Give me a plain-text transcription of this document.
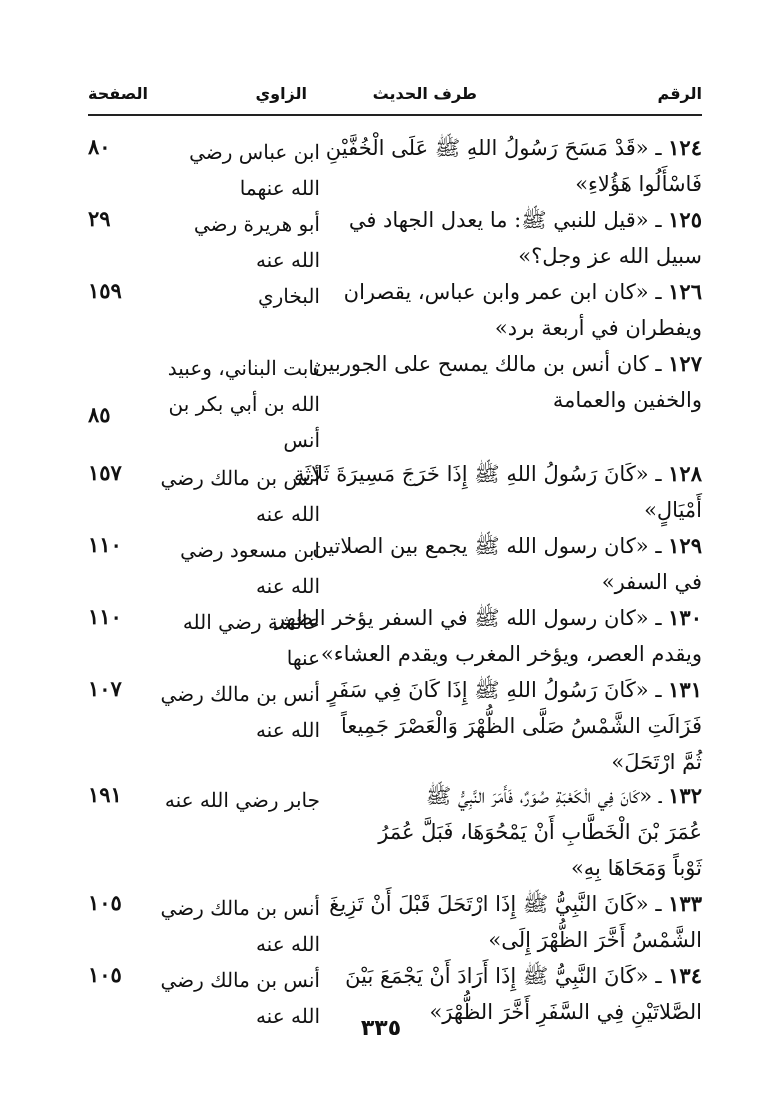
الرقم
طرف الحديث
الزاوي
الصفحة
١٢٤ ـ «قَدْ مَسَحَ رَسُولُ اللهِ ﷺ عَلَى الْخُفَّيْنِ
فَاسْأَلُوا هَؤُلاءِ»
ابن عباس رضي الله عنهما
٨٠
١٢٥ ـ «قيل للنبي ﷺ: ما يعدل الجهاد في
سبيل الله عز وجل؟»
أبو هريرة رضي الله عنه
٢٩
١٢٦ ـ «كان ابن عمر وابن عباس، يقصران
ويفطران في أربعة برد»
البخاري
١٥٩
١٢٧ ـ كان أنس بن مالك يمسح على الجوربين
والخفين والعمامة
ثابت البناني، وعبيد الله بن أبي بكر بن أنس
٨٥
١٢٨ ـ «كَانَ رَسُولُ اللهِ ﷺ إِذَا خَرَجَ مَسِيرَةَ ثَلاثَةِ
أَمْيَالٍ»
أنس بن مالك رضي الله عنه
١٥٧
١٢٩ ـ «كان رسول الله ﷺ يجمع بين الصلاتين
في السفر»
ابن مسعود رضي الله عنه
١١٠
١٣٠ ـ «كان رسول الله ﷺ في السفر يؤخر الظهر
ويقدم العصر، ويؤخر المغرب ويقدم العشاء»
عائشة رضي الله عنها
١١٠
١٣١ ـ «كَانَ رَسُولُ اللهِ ﷺ إِذَا كَانَ فِي سَفَرٍ
فَزَالَتِ الشَّمْسُ صَلَّى الظُّهْرَ وَالْعَصْرَ جَمِيعاً
ثُمَّ ارْتَحَلَ»
أنس بن مالك رضي الله عنه
١٠٧
١٣٢ ـ «كَانَ فِي الْكَعْبَةِ صُوَرٌ، فَأَمَرَ النَّبِيُّ ﷺ
عُمَرَ بْنَ الْخَطَّابِ أَنْ يَمْحُوَهَا، فَبَلَّ عُمَرُ
ثَوْباً وَمَحَاهَا بِهِ»
جابر رضي الله عنه
١٩١
١٣٣ ـ «كَانَ النَّبِيُّ ﷺ إِذَا ارْتَحَلَ قَبْلَ أَنْ تَزِيغَ
الشَّمْسُ أَخَّرَ الظُّهْرَ إِلَى»
أنس بن مالك رضي الله عنه
١٠٥
١٣٤ ـ «كَانَ النَّبِيُّ ﷺ إِذَا أَرَادَ أَنْ يَجْمَعَ بَيْنَ
الصَّلاتَيْنِ فِي السَّفَرِ أَخَّرَ الظُّهْرَ»
أنس بن مالك رضي الله عنه
١٠٥
٣٣٥
